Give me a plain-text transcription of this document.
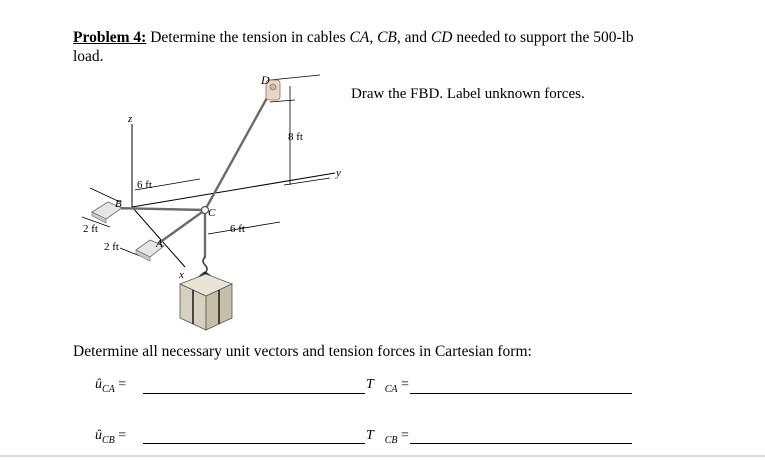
Problem 4: Determine the tension in cables CA, CB, and CD needed to support the 500-lb
load.
Draw the FBD. Label unknown forces.
8 ft
6 ft
6 ft
2 ft
2 ft
D
C
B
A
z
y
x
Determine all necessary unit vectors and tension forces in Cartesian form:
$û_{CA}$ =	$T⃗_{CA}$ =
$û_{CB}$ =	$T⃗_{CB}$ =
